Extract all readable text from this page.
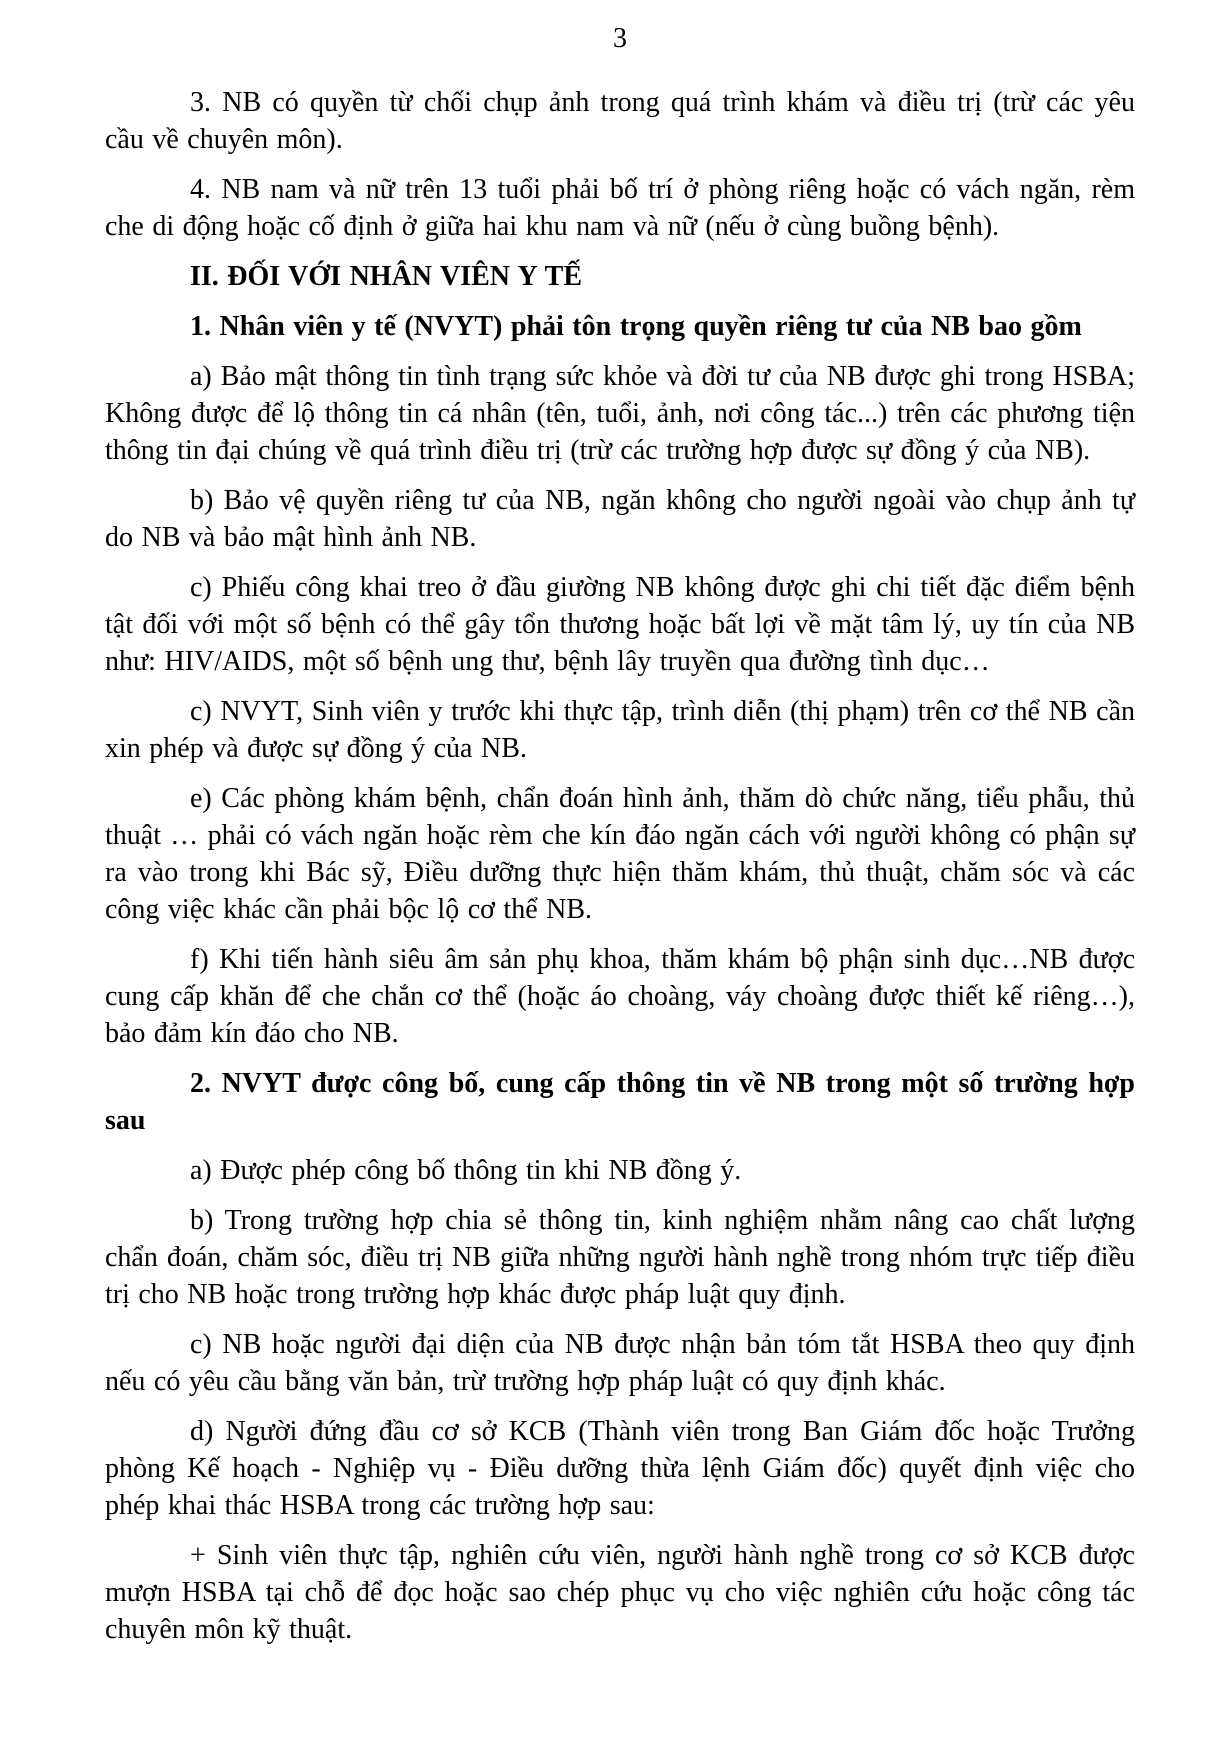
3

3. NB có quyền từ chối chụp ảnh trong quá trình khám và điều trị (trừ các yêu cầu về chuyên môn).

4. NB nam và nữ trên 13 tuổi phải bố trí ở phòng riêng hoặc có vách ngăn, rèm che di động hoặc cố định ở giữa hai khu nam và nữ (nếu ở cùng buồng bệnh).

II. ĐỐI VỚI NHÂN VIÊN Y TẾ

1. Nhân viên y tế (NVYT) phải tôn trọng quyền riêng tư của NB bao gồm

a) Bảo mật thông tin tình trạng sức khỏe và đời tư của NB được ghi trong HSBA; Không được để lộ thông tin cá nhân (tên, tuổi, ảnh, nơi công tác...) trên các phương tiện thông tin đại chúng về quá trình điều trị (trừ các trường hợp được sự đồng ý của NB).

b) Bảo vệ quyền riêng tư của NB, ngăn không cho người ngoài vào chụp ảnh tự do NB và bảo mật hình ảnh NB.

c) Phiếu công khai treo ở đầu giường NB không được ghi chi tiết đặc điểm bệnh tật đối với một số bệnh có thể gây tổn thương hoặc bất lợi về mặt tâm lý, uy tín của NB như: HIV/AIDS, một số bệnh ung thư, bệnh lây truyền qua đường tình dục…

c) NVYT, Sinh viên y trước khi thực tập, trình diễn (thị phạm) trên cơ thể NB cần xin phép và được sự đồng ý của NB.

e) Các phòng khám bệnh, chẩn đoán hình ảnh, thăm dò chức năng, tiểu phẫu, thủ thuật … phải có vách ngăn hoặc rèm che kín đáo ngăn cách với người không có phận sự ra vào trong khi Bác sỹ, Điều dưỡng thực hiện thăm khám, thủ thuật, chăm sóc và các công việc khác cần phải bộc lộ cơ thể NB.

f) Khi tiến hành siêu âm sản phụ khoa, thăm khám bộ phận sinh dục…NB được cung cấp khăn để che chắn cơ thể (hoặc áo choàng, váy choàng được thiết kế riêng…), bảo đảm kín đáo cho NB.

2. NVYT được công bố, cung cấp thông tin về NB trong một số trường hợp sau

a) Được phép công bố thông tin khi NB đồng ý.

b) Trong trường hợp chia sẻ thông tin, kinh nghiệm nhằm nâng cao chất lượng chẩn đoán, chăm sóc, điều trị NB giữa những người hành nghề trong nhóm trực tiếp điều trị cho NB hoặc trong trường hợp khác được pháp luật quy định.

c) NB hoặc người đại diện của NB được nhận bản tóm tắt HSBA theo quy định nếu có yêu cầu bằng văn bản, trừ trường hợp pháp luật có quy định khác.

d) Người đứng đầu cơ sở KCB (Thành viên trong Ban Giám đốc hoặc Trưởng phòng Kế hoạch - Nghiệp vụ - Điều dưỡng thừa lệnh Giám đốc) quyết định việc cho phép khai thác HSBA trong các trường hợp sau:

+ Sinh viên thực tập, nghiên cứu viên, người hành nghề trong cơ sở KCB được mượn HSBA tại chỗ để đọc hoặc sao chép phục vụ cho việc nghiên cứu hoặc công tác chuyên môn kỹ thuật.
